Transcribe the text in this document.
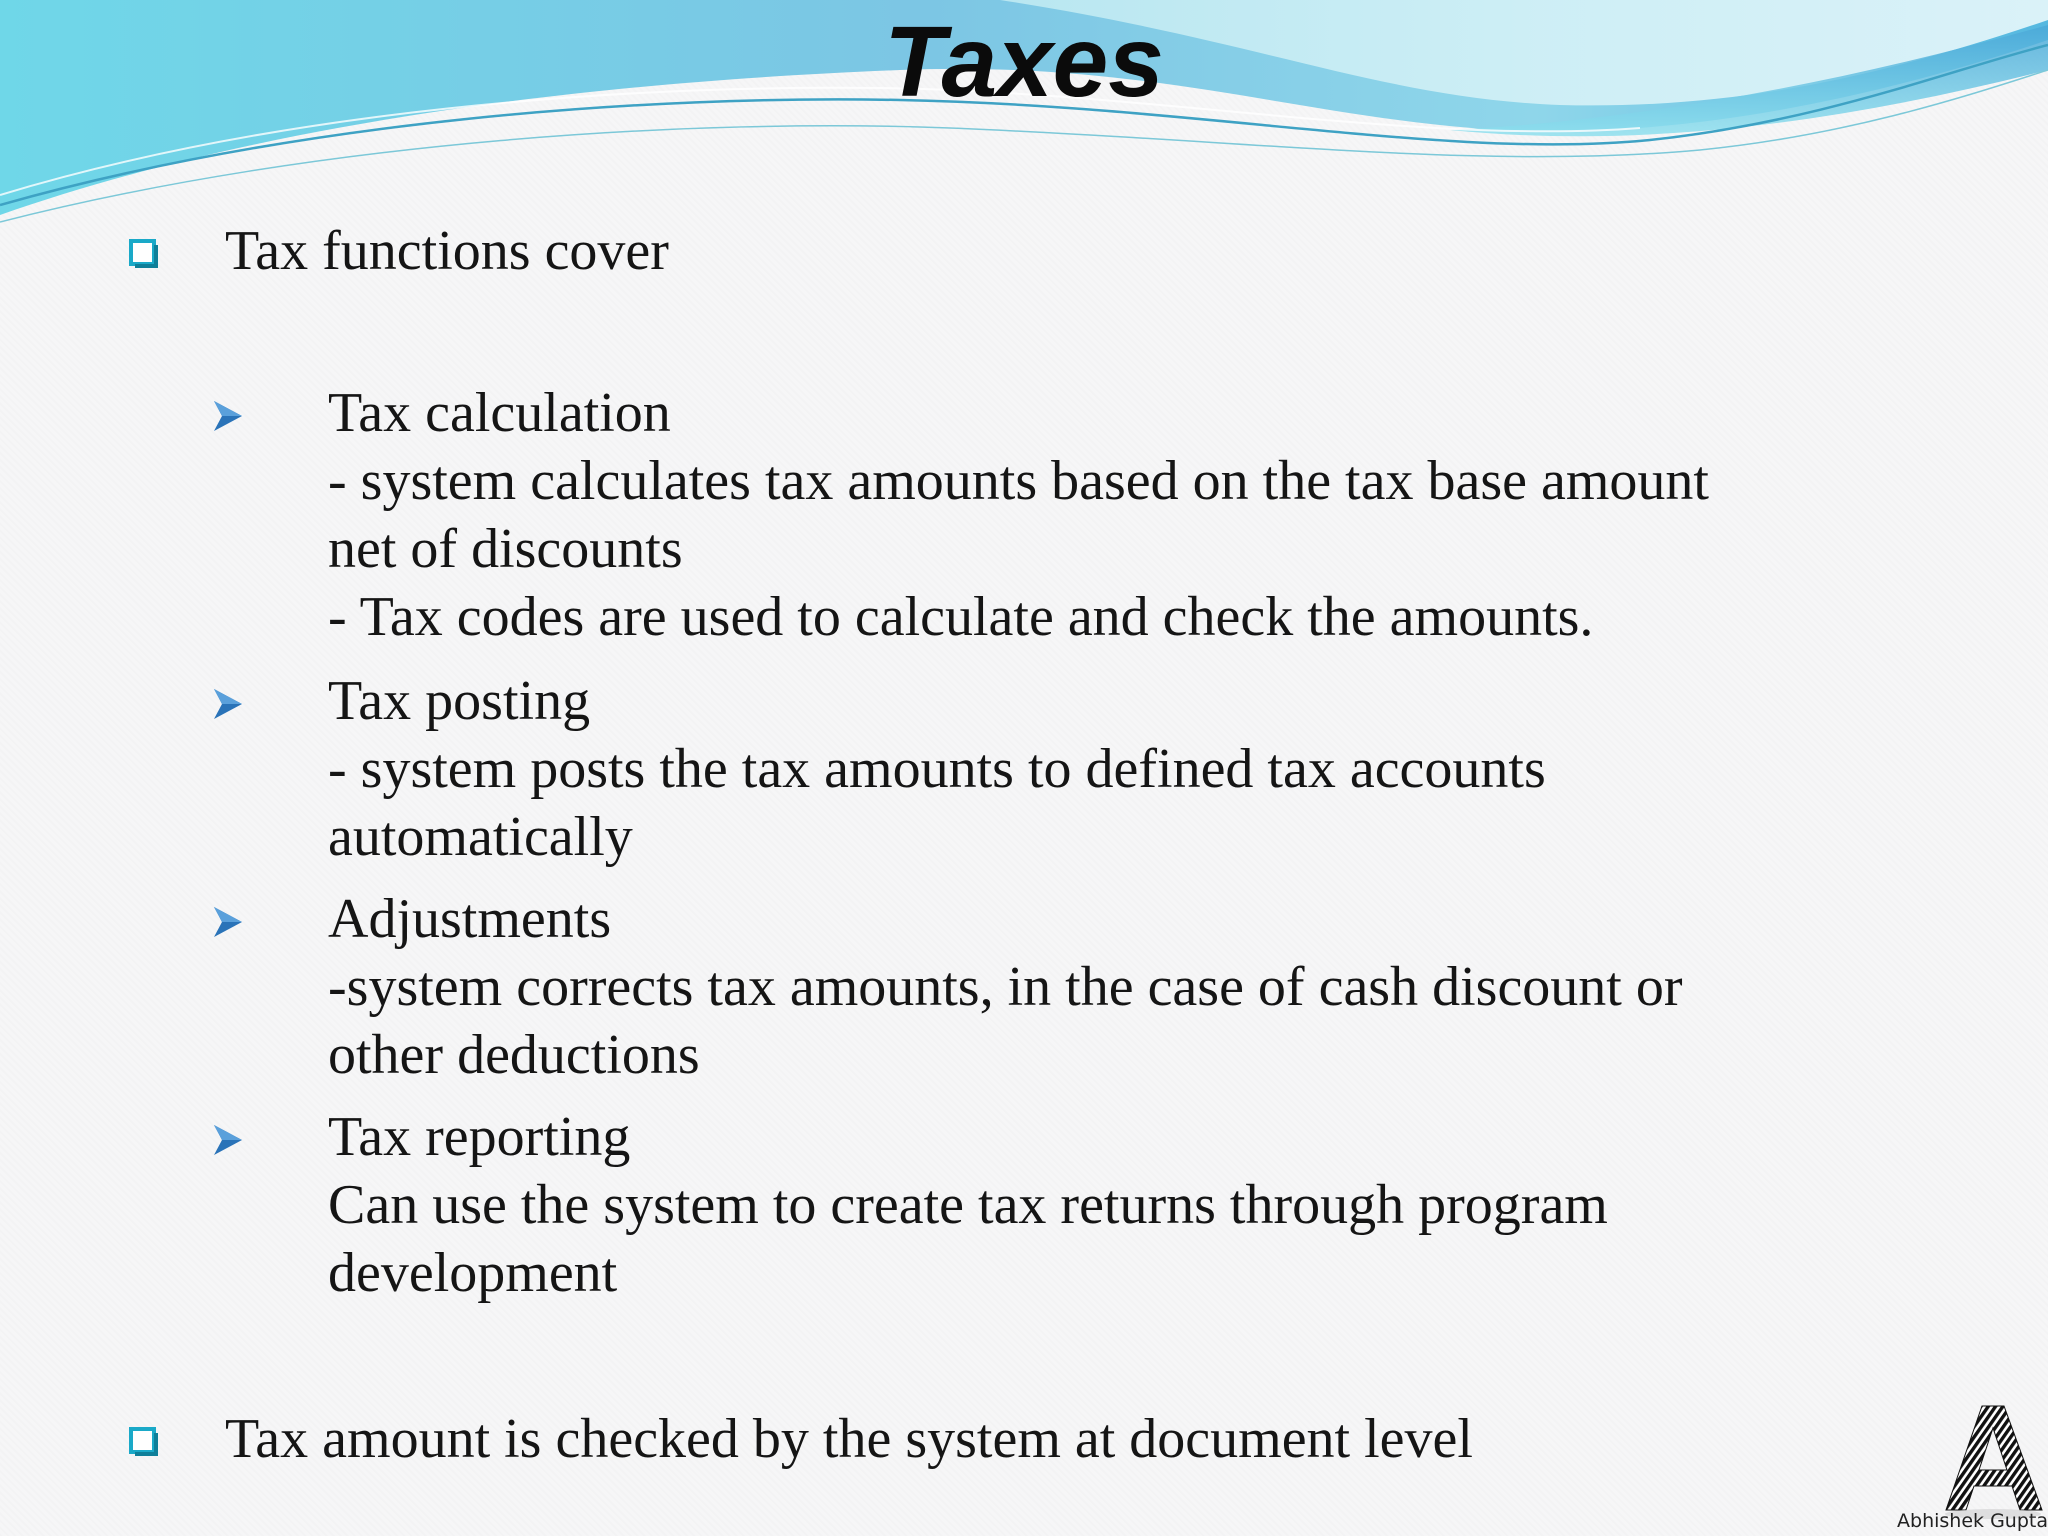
Taxes
Tax functions cover
Tax calculation
- system calculates tax amounts based on the tax base amount
net of discounts
- Tax codes are used to calculate and check the amounts.
Tax posting
- system posts the tax amounts to defined tax accounts
automatically
Adjustments
-system corrects tax amounts, in the case of cash discount or
other deductions
Tax reporting
Can use the system to create tax returns through program
development
Tax amount is checked by the system at document level
Abhishek Gupta
